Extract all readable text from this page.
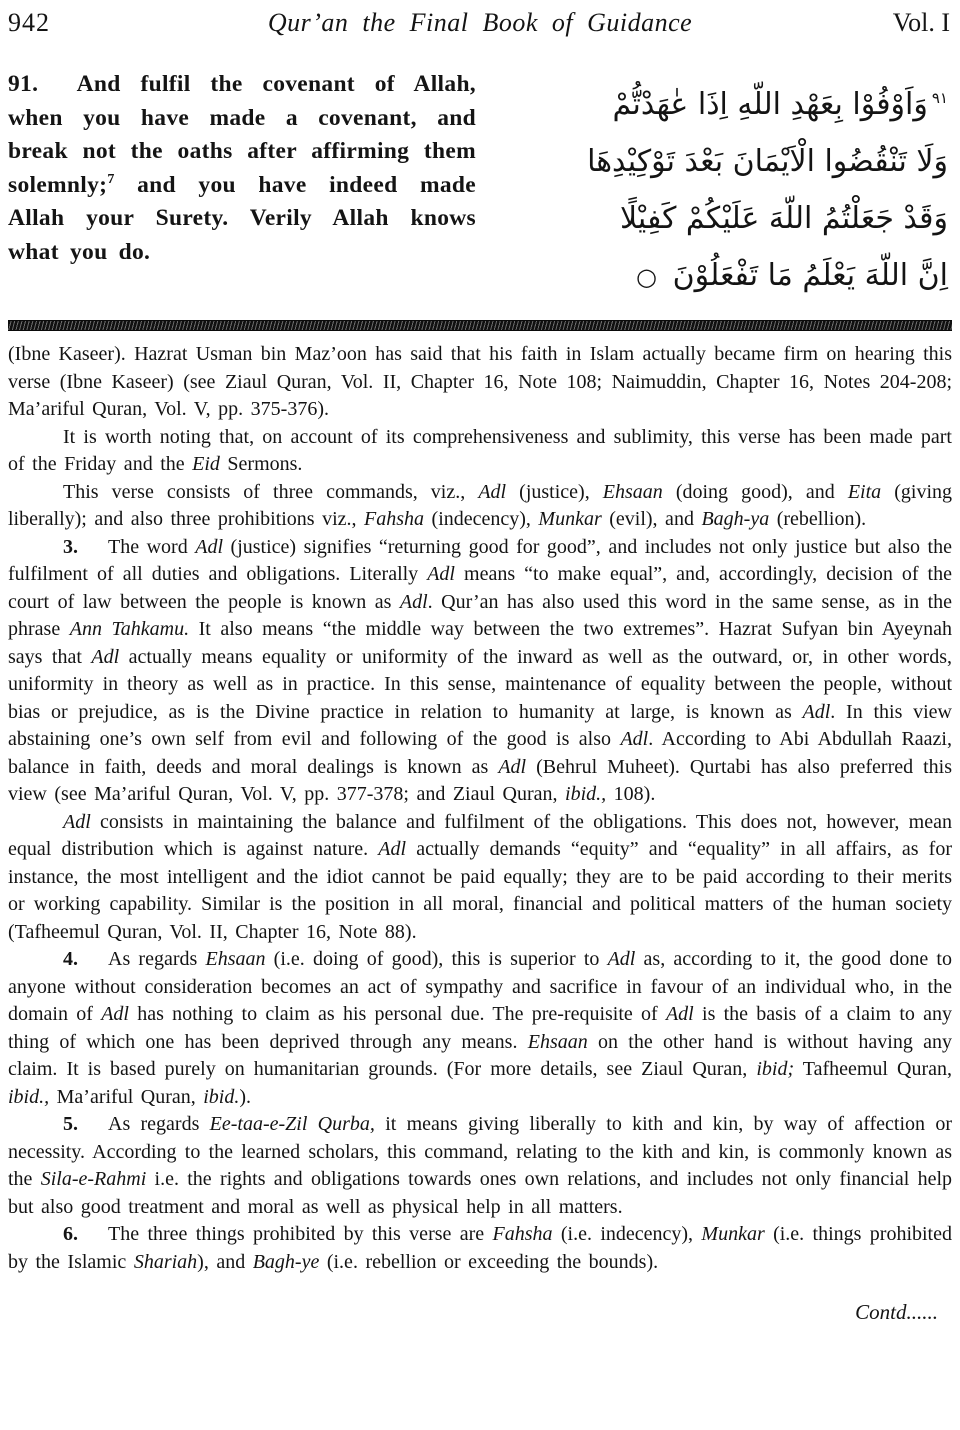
942	Qur’an the Final Book of Guidance	Vol. I
91. And fulfil the covenant of Allah, when you have made a covenant, and break not the oaths after affirming them solemnly;$^7$ and you have indeed made Allah your Surety. Verily Allah knows what you do.
$^{٩١}$وَاَوْفُوْا بِعَهْدِ اللّهِ اِذَا عٰهَدْتُّمْ
وَلَا تَنْقُضُوا الْاَيْمَانَ بَعْدَ تَوْكِيْدِهَا
وَقَدْ جَعَلْتُمُ اللّهَ عَلَيْكُمْ كَفِيْلًا
اِنَّ اللّهَ يَعْلَمُ مَا تَفْعَلُوْنَ ○

(Ibne Kaseer). Hazrat Usman bin Maz’oon has said that his faith in Islam actually became firm on hearing this verse (Ibne Kaseer) (see Ziaul Quran, Vol. II, Chapter 16, Note 108; Naimuddin, Chapter 16, Notes 204-208; Ma’ariful Quran, Vol. V, pp. 375-376).

It is worth noting that, on account of its comprehensiveness and sublimity, this verse has been made part of the Friday and the Eid Sermons.

This verse consists of three commands, viz., Adl (justice), Ehsaan (doing good), and Eita (giving liberally); and also three prohibitions viz., Fahsha (indecency), Munkar (evil), and Bagh-ya (rebellion).

3. The word Adl (justice) signifies “returning good for good”, and includes not only justice but also the fulfilment of all duties and obligations. Literally Adl means “to make equal”, and, accordingly, decision of the court of law between the people is known as Adl. Qur’an has also used this word in the same sense, as in the phrase Ann Tahkamu. It also means “the middle way between the two extremes”. Hazrat Sufyan bin Ayeynah says that Adl actually means equality or uniformity of the inward as well as the outward, or, in other words, uniformity in theory as well as in practice. In this sense, maintenance of equality between the people, without bias or prejudice, as is the Divine practice in relation to humanity at large, is known as Adl. In this view abstaining one’s own self from evil and following of the good is also Adl. According to Abi Abdullah Raazi, balance in faith, deeds and moral dealings is known as Adl (Behrul Muheet). Qurtabi has also preferred this view (see Ma’ariful Quran, Vol. V, pp. 377-378; and Ziaul Quran, ibid., 108).

Adl consists in maintaining the balance and fulfilment of the obligations. This does not, however, mean equal distribution which is against nature. Adl actually demands “equity” and “equality” in all affairs, as for instance, the most intelligent and the idiot cannot be paid equally; they are to be paid according to their merits or working capability. Similar is the position in all moral, financial and political matters of the human society (Tafheemul Quran, Vol. II, Chapter 16, Note 88).

4. As regards Ehsaan (i.e. doing of good), this is superior to Adl as, according to it, the good done to anyone without consideration becomes an act of sympathy and sacrifice in favour of an individual who, in the domain of Adl has nothing to claim as his personal due. The pre-requisite of Adl is the basis of a claim to any thing of which one has been deprived through any means. Ehsaan on the other hand is without having any claim. It is based purely on humanitarian grounds. (For more details, see Ziaul Quran, ibid; Tafheemul Quran, ibid., Ma’ariful Quran, ibid.).

5. As regards Ee-taa-e-Zil Qurba, it means giving liberally to kith and kin, by way of affection or necessity. According to the learned scholars, this command, relating to the kith and kin, is commonly known as the Sila-e-Rahmi i.e. the rights and obligations towards ones own relations, and includes not only financial help but also good treatment and moral as well as physical help in all matters.

6. The three things prohibited by this verse are Fahsha (i.e. indecency), Munkar (i.e. things prohibited by the Islamic Shariah), and Bagh-ye (i.e. rebellion or exceeding the bounds).

Contd......
